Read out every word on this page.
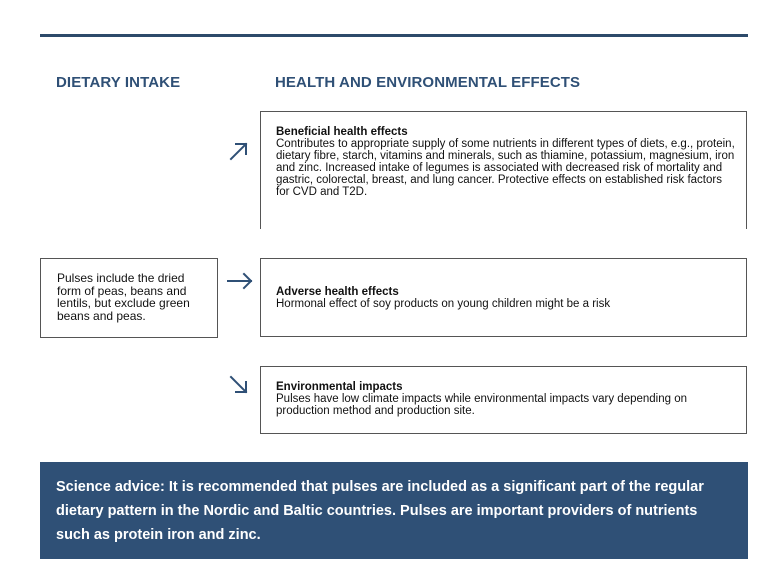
DIETARY INTAKE	HEALTH AND ENVIRONMENTAL EFFECTS
Pulses include the dried form of peas, beans and lentils, but exclude green beans and peas.
Beneficial health effects
Contributes to appropriate supply of some nutrients in different types of diets, e.g., protein, dietary fibre, starch, vitamins and minerals, such as thiamine, potassium, magnesium, iron and zinc. Increased intake of legumes is associated with decreased risk of mortality and gastric, colorectal, breast, and lung cancer. Protective effects on established risk factors for CVD and T2D.
Adverse health effects
Hormonal effect of soy products on young children might be a risk
Environmental impacts
Pulses have low climate impacts while environmental impacts vary depending on production method and production site.
Science advice: It is recommended that pulses are included as a significant part of the regular dietary pattern in the Nordic and Baltic countries. Pulses are important providers of nutrients such as protein iron and zinc.
